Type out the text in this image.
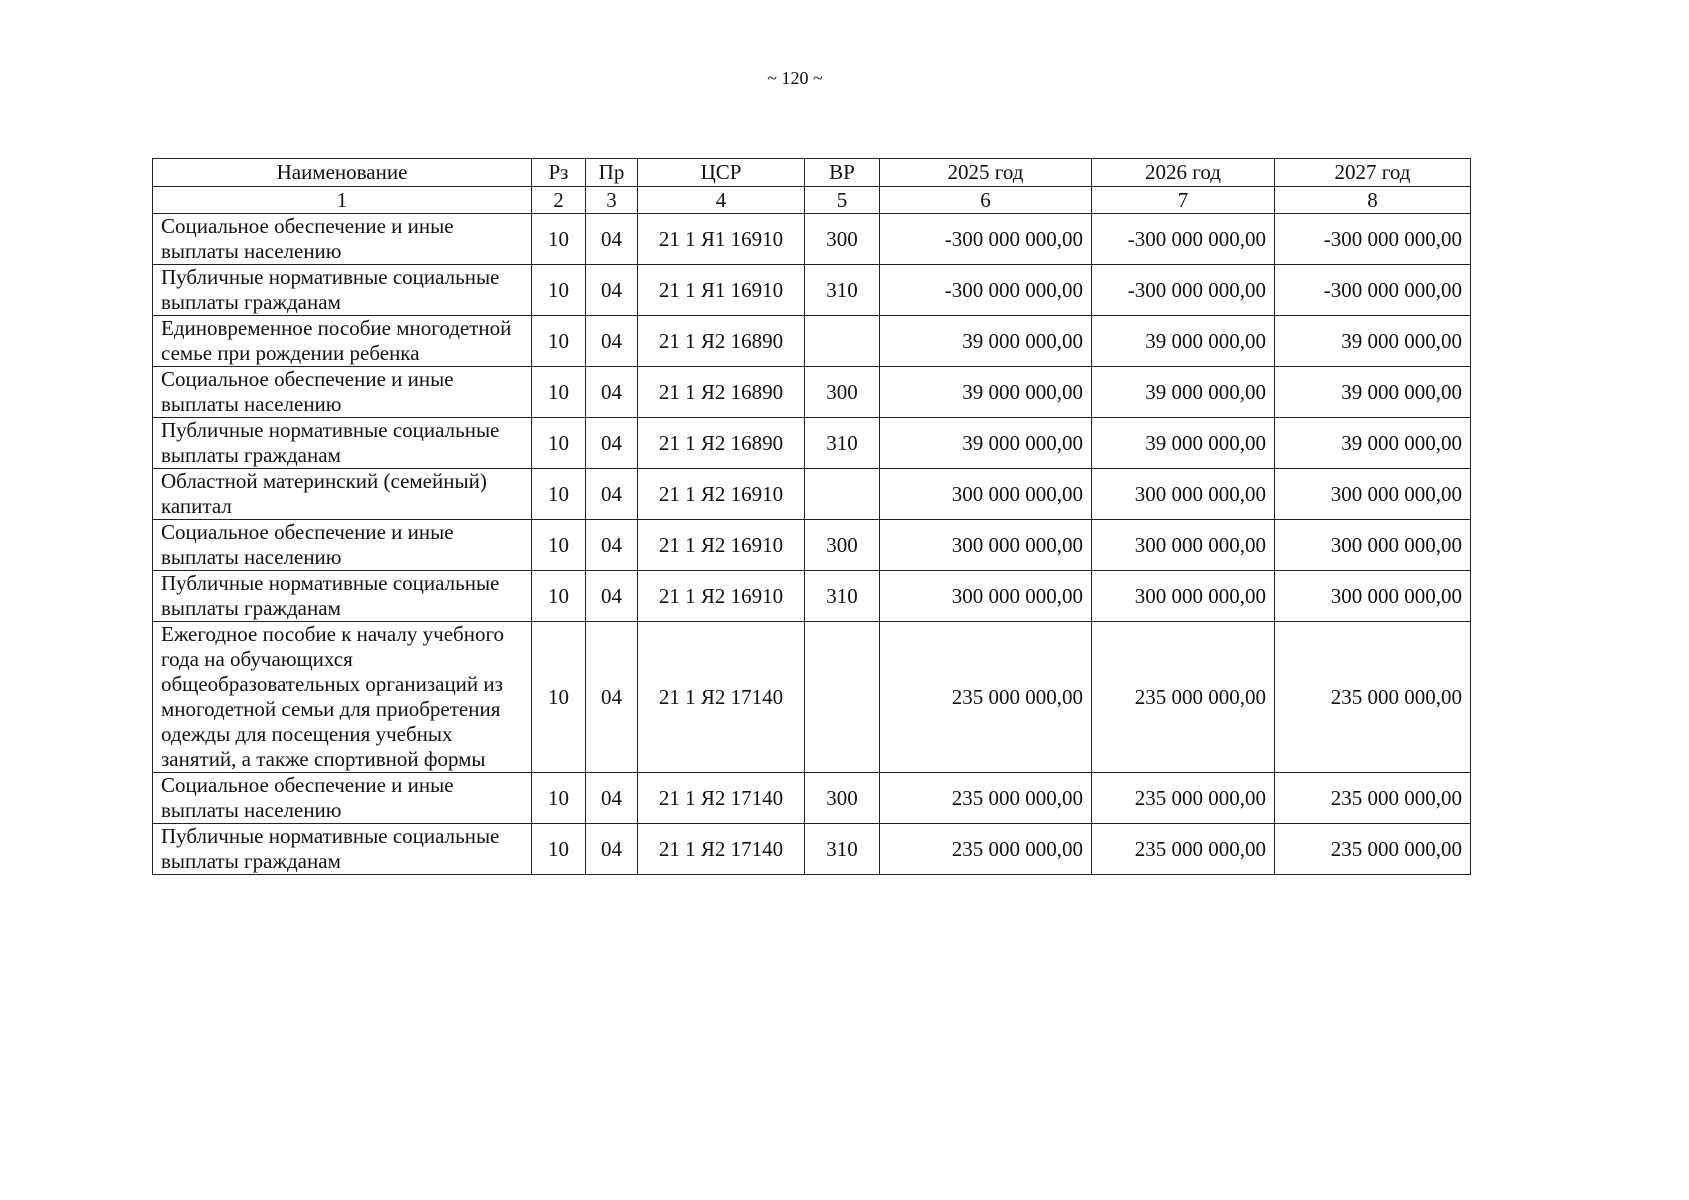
~ 120 ~
Наименование	Рз	Пр	ЦСР	ВР	2025 год	2026 год	2027 год
1	2	3	4	5	6	7	8
Социальное обеспечение и иные выплаты населению	10	04	21 1 Я1 16910	300	-300 000 000,00	-300 000 000,00	-300 000 000,00
Публичные нормативные социальные выплаты гражданам	10	04	21 1 Я1 16910	310	-300 000 000,00	-300 000 000,00	-300 000 000,00
Единовременное пособие многодетной семье при рождении ребенка	10	04	21 1 Я2 16890		39 000 000,00	39 000 000,00	39 000 000,00
Социальное обеспечение и иные выплаты населению	10	04	21 1 Я2 16890	300	39 000 000,00	39 000 000,00	39 000 000,00
Публичные нормативные социальные выплаты гражданам	10	04	21 1 Я2 16890	310	39 000 000,00	39 000 000,00	39 000 000,00
Областной материнский (семейный) капитал	10	04	21 1 Я2 16910		300 000 000,00	300 000 000,00	300 000 000,00
Социальное обеспечение и иные выплаты населению	10	04	21 1 Я2 16910	300	300 000 000,00	300 000 000,00	300 000 000,00
Публичные нормативные социальные выплаты гражданам	10	04	21 1 Я2 16910	310	300 000 000,00	300 000 000,00	300 000 000,00
Ежегодное пособие к началу учебного года на обучающихся общеобразовательных организаций из многодетной семьи для приобретения одежды для посещения учебных занятий, а также спортивной формы	10	04	21 1 Я2 17140		235 000 000,00	235 000 000,00	235 000 000,00
Социальное обеспечение и иные выплаты населению	10	04	21 1 Я2 17140	300	235 000 000,00	235 000 000,00	235 000 000,00
Публичные нормативные социальные выплаты гражданам	10	04	21 1 Я2 17140	310	235 000 000,00	235 000 000,00	235 000 000,00
